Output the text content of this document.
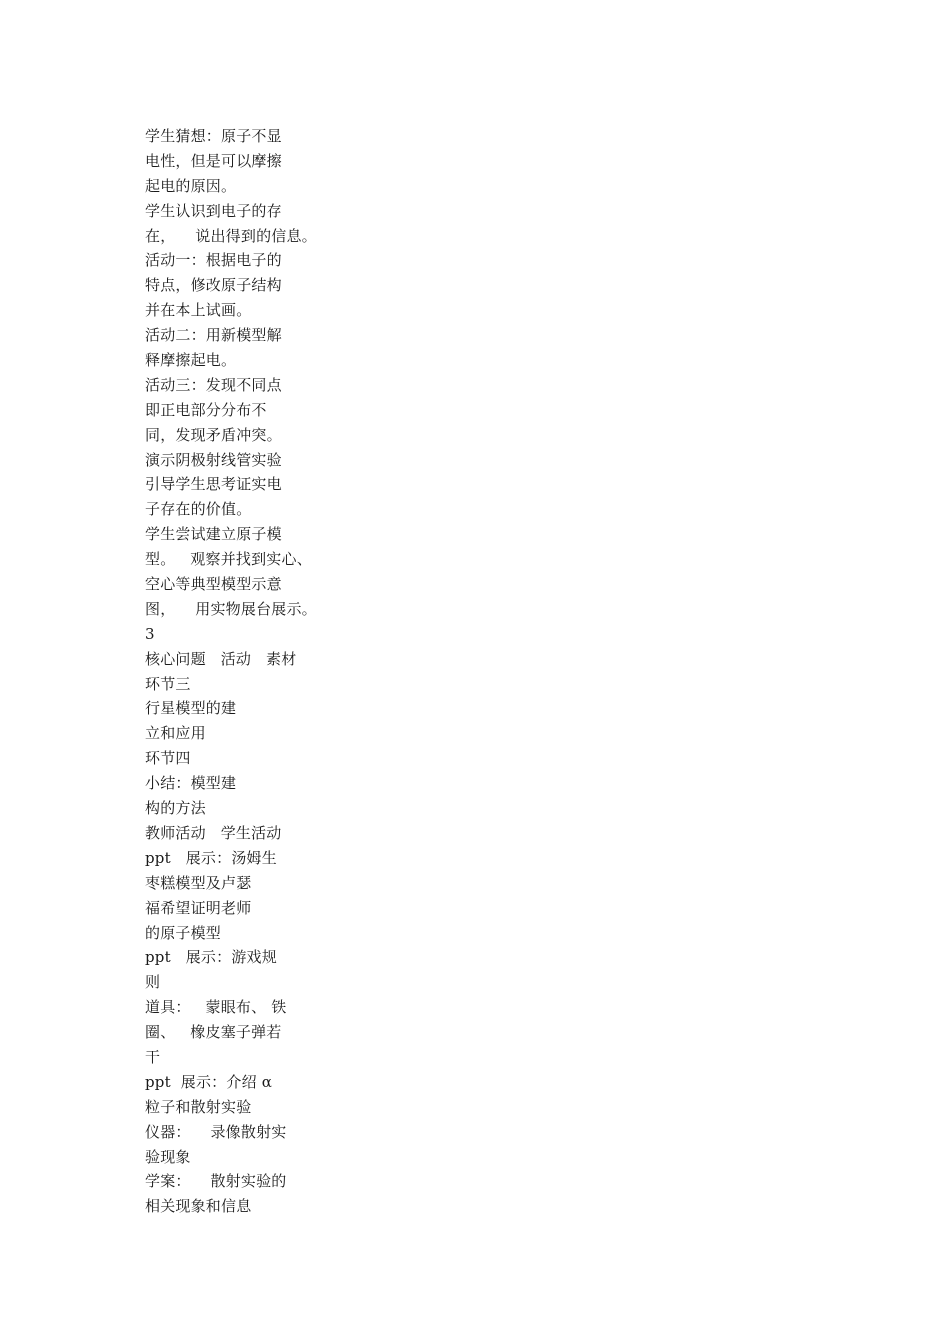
学生猜想：原子不显
电性，但是可以摩擦
起电的原因。
学生认识到电子的存
在，    说出得到的信息。
活动一：根据电子的
特点，修改原子结构
并在本上试画。
活动二：用新模型解
释摩擦起电。
活动三：发现不同点
即正电部分分布不
同，发现矛盾冲突。
演示阴极射线管实验
引导学生思考证实电
子存在的价值。
学生尝试建立原子模
型。   观察并找到实心、
空心等典型模型示意
图，    用实物展台展示。
3
核心问题   活动   素材
环节三
行星模型的建
立和应用
环节四
小结：模型建
构的方法
教师活动   学生活动
ppt   展示：汤姆生
枣糕模型及卢瑟
福希望证明老师
的原子模型
ppt   展示：游戏规
则
道具：   蒙眼布、 铁
圈、   橡皮塞子弹若
干
ppt  展示：介绍 α
粒子和散射实验
仪器：    录像散射实
验现象
学案：    散射实验的
相关现象和信息
